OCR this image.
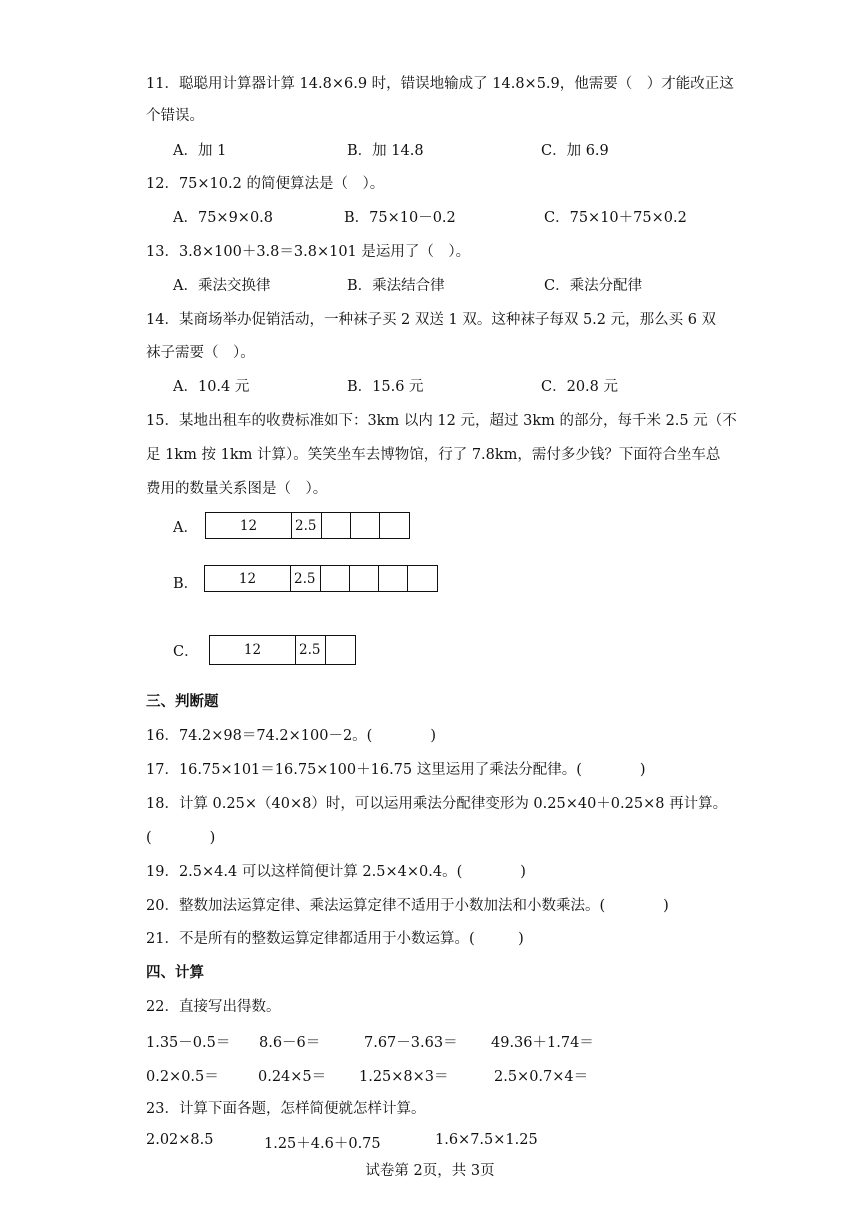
11．聪聪用计算器计算 14.8×6.9 时，错误地输成了 14.8×5.9，他需要（　）才能改正这
个错误。
A．加 1	B．加 14.8	C．加 6.9
12．75×10.2 的简便算法是（　）。
A．75×9×0.8	B．75×10－0.2	C．75×10＋75×0.2
13．3.8×100＋3.8＝3.8×101 是运用了（　）。
A．乘法交换律	B．乘法结合律	C．乘法分配律
14．某商场举办促销活动，一种袜子买 2 双送 1 双。这种袜子每双 5.2 元，那么买 6 双
袜子需要（　）。
A．10.4 元	B．15.6 元	C．20.8 元
15．某地出租车的收费标准如下：3km 以内 12 元，超过 3km 的部分，每千米 2.5 元（不
足 1km 按 1km 计算）。笑笑坐车去博物馆，行了 7.8km，需付多少钱？下面符合坐车总
费用的数量关系图是（　）。
A．	12	2.5
B．	12	2.5
C．	12	2.5
三、判断题
16．74.2×98＝74.2×100－2。(　　　　)
17．16.75×101＝16.75×100＋16.75 这里运用了乘法分配律。(　　　　)
18．计算 0.25×（40×8）时，可以运用乘法分配律变形为 0.25×40＋0.25×8 再计算。
(　　　　)
19．2.5×4.4 可以这样简便计算 2.5×4×0.4。(　　　　)
20．整数加法运算定律、乘法运算定律不适用于小数加法和小数乘法。(　　　　)
21．不是所有的整数运算定律都适用于小数运算。(　　　)
四、计算
22．直接写出得数。
1.35－0.5＝ 8.6－6＝	7.67－3.63＝ 49.36＋1.74＝
0.2×0.5＝	0.24×5＝ 1.25×8×3＝	2.5×0.7×4＝
23．计算下面各题，怎样简便就怎样计算。
2.02×8.5	1.25＋4.6＋0.75	1.6×7.5×1.25
试卷第 2页，共 3页
